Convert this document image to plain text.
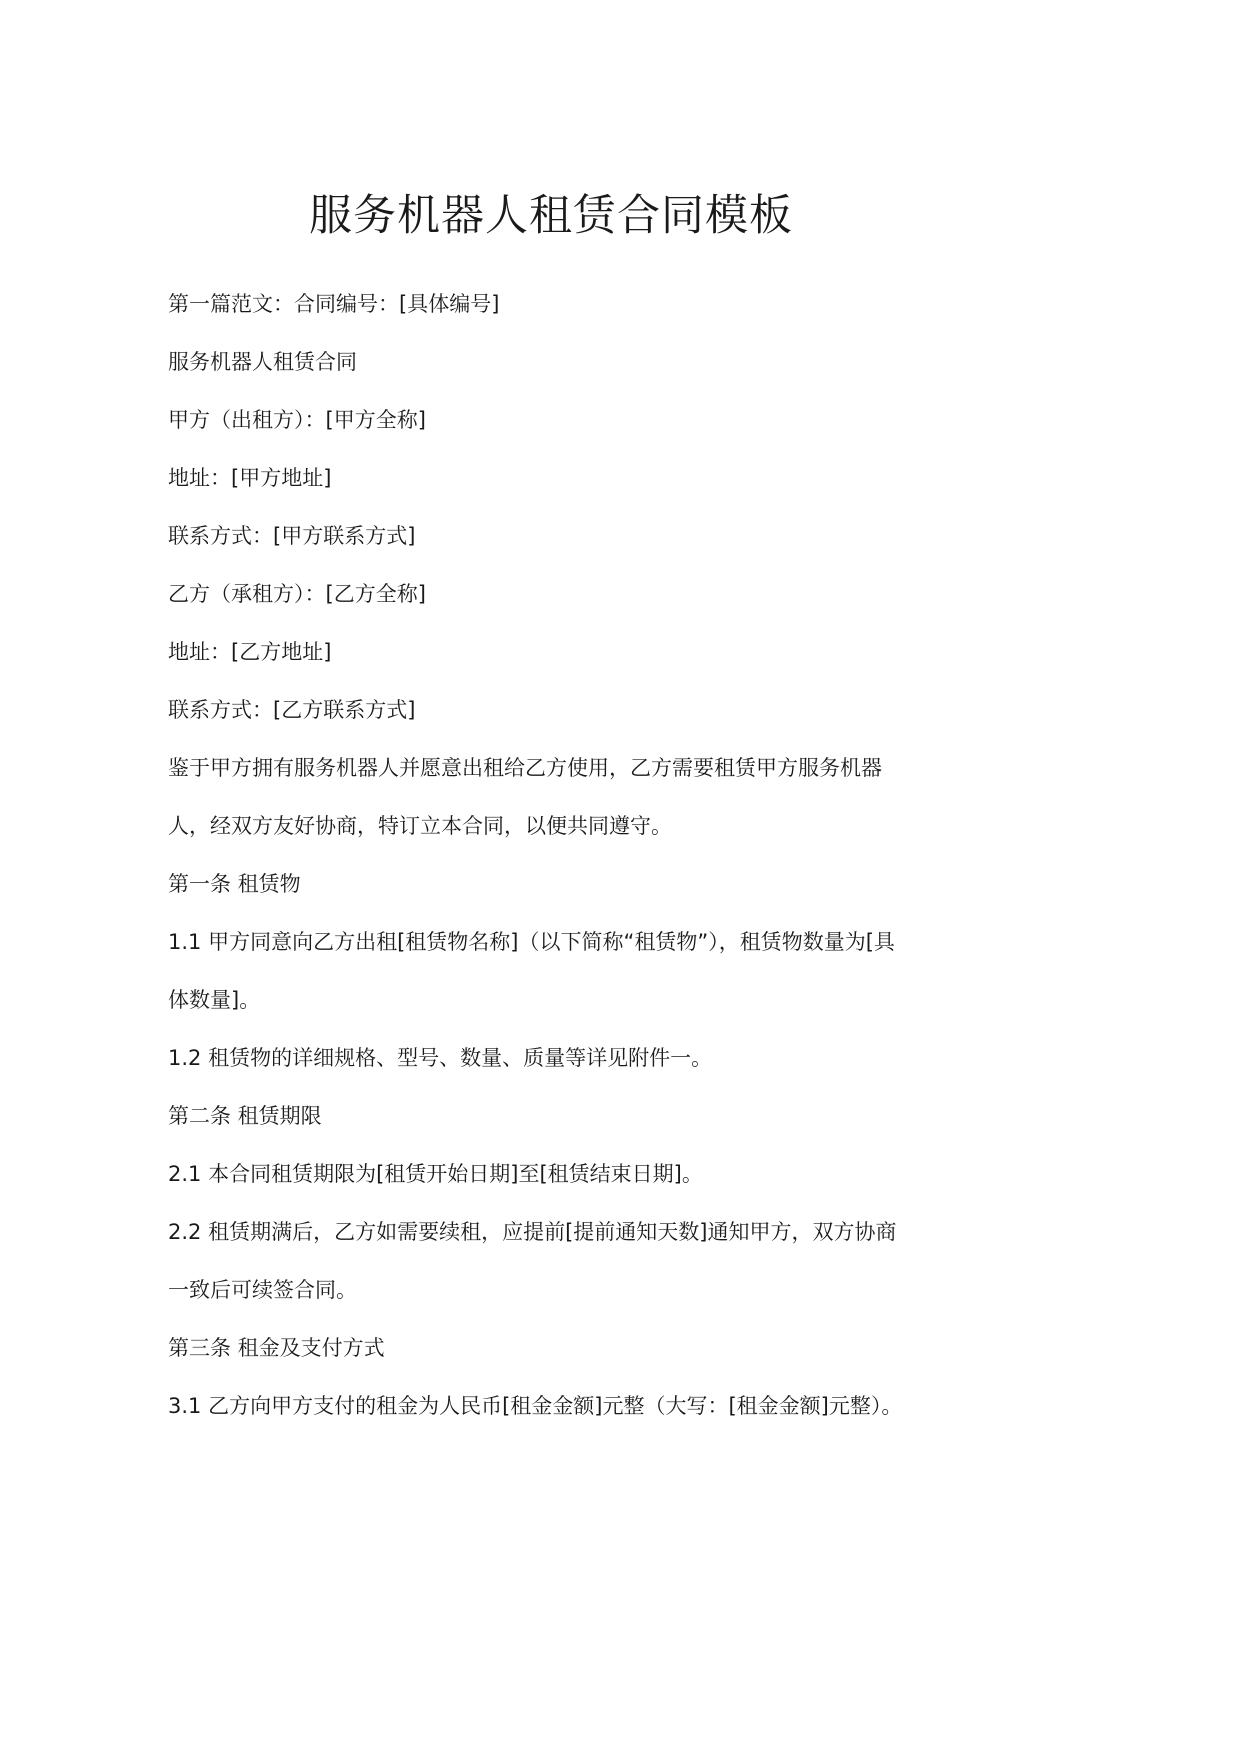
服务机器人租赁合同模板

第一篇范文：合同编号：[具体编号]

服务机器人租赁合同

甲方（出租方）：[甲方全称]

地址：[甲方地址]

联系方式：[甲方联系方式]

乙方（承租方）：[乙方全称]

地址：[乙方地址]

联系方式：[乙方联系方式]

鉴于甲方拥有服务机器人并愿意出租给乙方使用，乙方需要租赁甲方服务机器

人，经双方友好协商，特订立本合同，以便共同遵守。

第一条 租赁物

1.1 甲方同意向乙方出租[租赁物名称]（以下简称“租赁物”），租赁物数量为[具

体数量]。

1.2 租赁物的详细规格、型号、数量、质量等详见附件一。

第二条 租赁期限

2.1 本合同租赁期限为[租赁开始日期]至[租赁结束日期]。

2.2 租赁期满后，乙方如需要续租，应提前[提前通知天数]通知甲方，双方协商

一致后可续签合同。

第三条 租金及支付方式

3.1 乙方向甲方支付的租金为人民币[租金金额]元整（大写：[租金金额]元整）。
